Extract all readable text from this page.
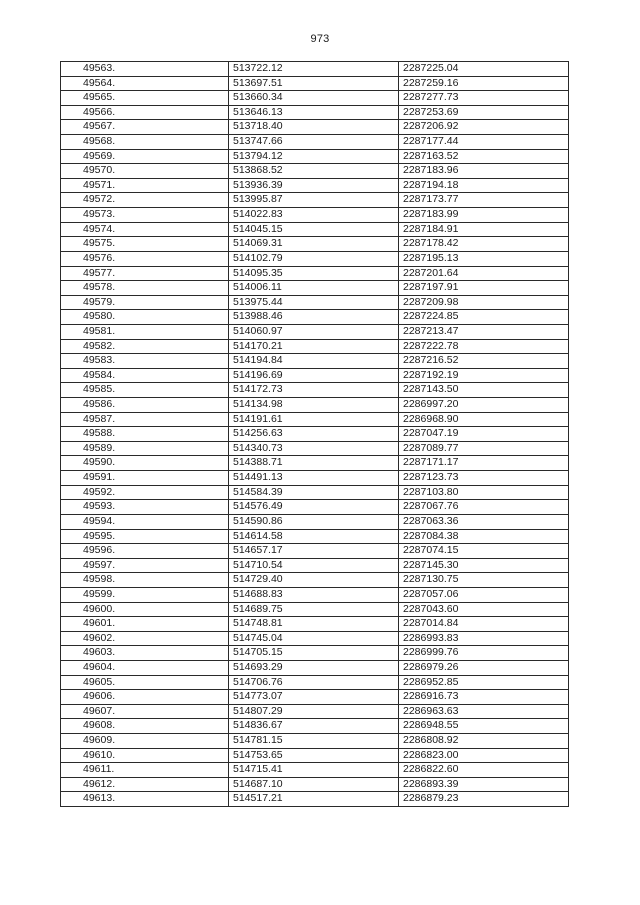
973
49563.	513722.12	2287225.04
49564.	513697.51	2287259.16
49565.	513660.34	2287277.73
49566.	513646.13	2287253.69
49567.	513718.40	2287206.92
49568.	513747.66	2287177.44
49569.	513794.12	2287163.52
49570.	513868.52	2287183.96
49571.	513936.39	2287194.18
49572.	513995.87	2287173.77
49573.	514022.83	2287183.99
49574.	514045.15	2287184.91
49575.	514069.31	2287178.42
49576.	514102.79	2287195.13
49577.	514095.35	2287201.64
49578.	514006.11	2287197.91
49579.	513975.44	2287209.98
49580.	513988.46	2287224.85
49581.	514060.97	2287213.47
49582.	514170.21	2287222.78
49583.	514194.84	2287216.52
49584.	514196.69	2287192.19
49585.	514172.73	2287143.50
49586.	514134.98	2286997.20
49587.	514191.61	2286968.90
49588.	514256.63	2287047.19
49589.	514340.73	2287089.77
49590.	514388.71	2287171.17
49591.	514491.13	2287123.73
49592.	514584.39	2287103.80
49593.	514576.49	2287067.76
49594.	514590.86	2287063.36
49595.	514614.58	2287084.38
49596.	514657.17	2287074.15
49597.	514710.54	2287145.30
49598.	514729.40	2287130.75
49599.	514688.83	2287057.06
49600.	514689.75	2287043.60
49601.	514748.81	2287014.84
49602.	514745.04	2286993.83
49603.	514705.15	2286999.76
49604.	514693.29	2286979.26
49605.	514706.76	2286952.85
49606.	514773.07	2286916.73
49607.	514807.29	2286963.63
49608.	514836.67	2286948.55
49609.	514781.15	2286808.92
49610.	514753.65	2286823.00
49611.	514715.41	2286822.60
49612.	514687.10	2286893.39
49613.	514517.21	2286879.23
